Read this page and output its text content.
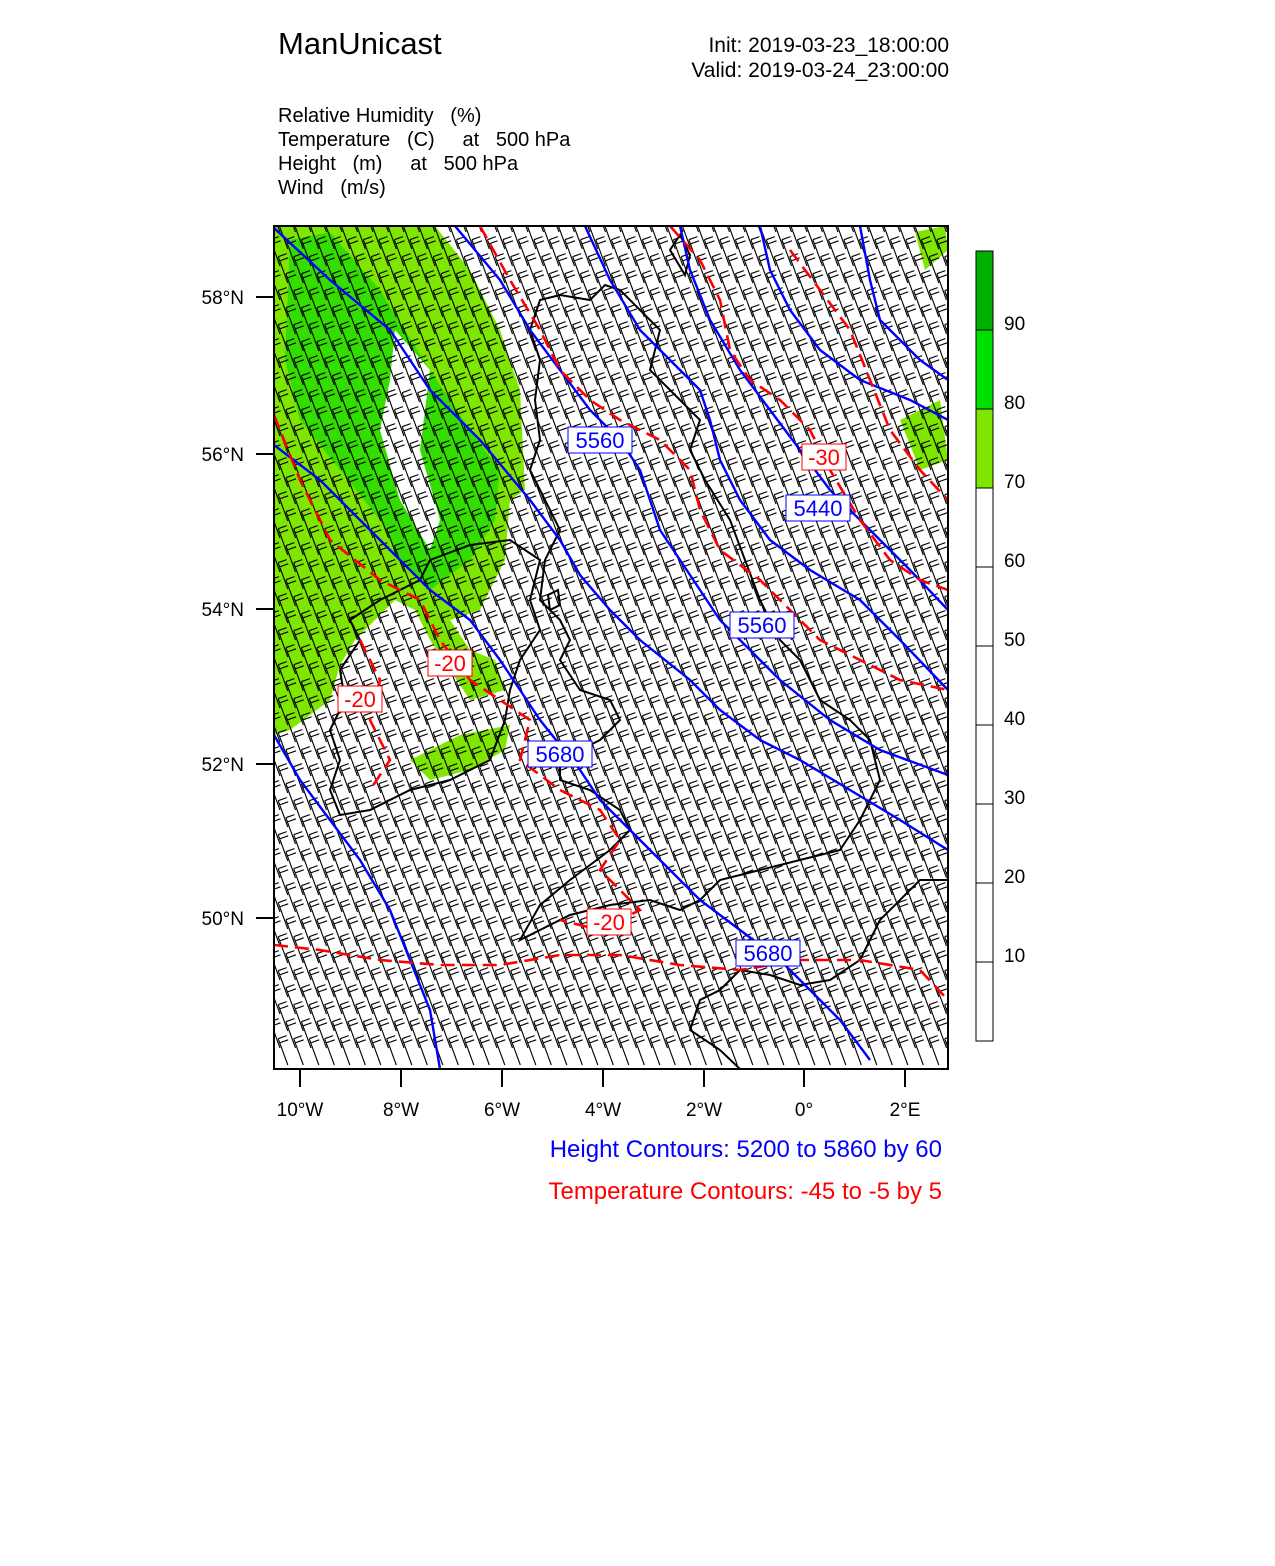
ManUnicast	Init: 2019-03-23_18:00:00
Valid: 2019-03-24_23:00:00
Relative Humidity (%)
Temperature (C) at   500 hPa
Height (m) at   500 hPa
Wind (m/s)
5560
5440
5560
5680
5680
-30
-20
-20
-20
58°N
56°N
54°N
52°N
50°N
10°W	8°W	6°W	4°W	2°W	0°	2°E
90
80
70
60
50
40
30
20
10
Height Contours: 5200 to 5860 by 60
Temperature Contours: -45 to -5 by 5
